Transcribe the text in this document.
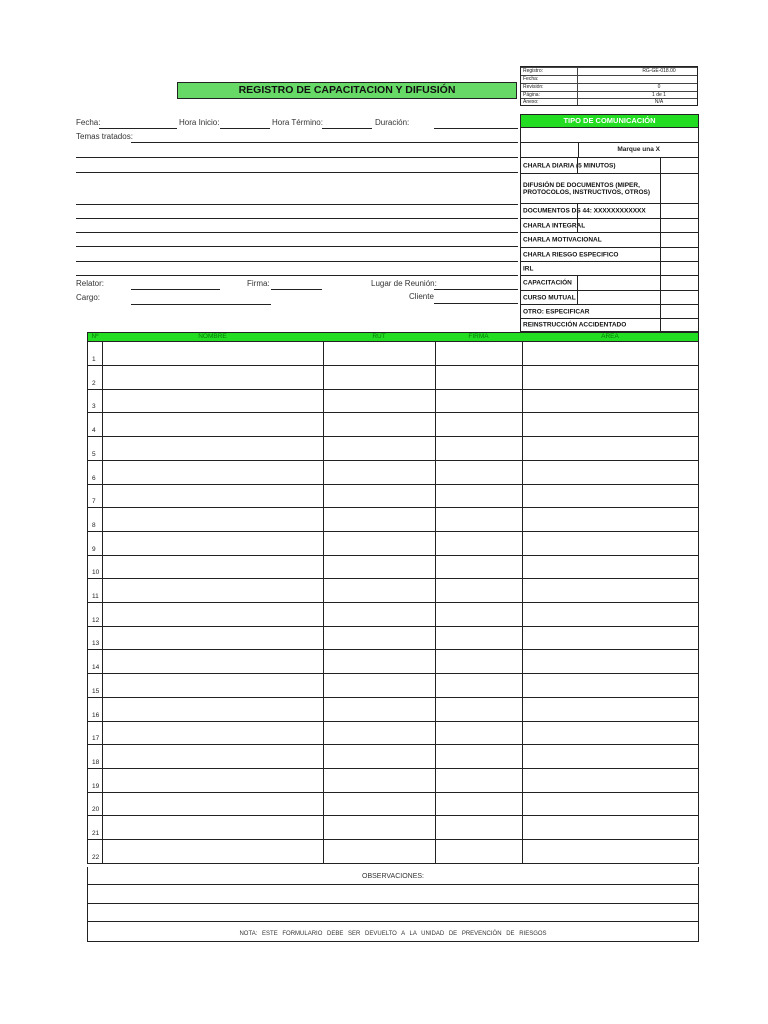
Registro:	RG-GE-018.00
Fecha:
Revisión:	0
Página:	1 de 1
Anexo:	N/A
REGISTRO DE CAPACITACION Y DIFUSIÓN
Fecha:	Hora Inicio:	Hora Término:	Duración:
Temas tratados:
Relator:	Firma:	Lugar de Reunión:
Cargo:	Cliente
TIPO DE COMUNICACIÓN
Marque una X
CHARLA DIARIA (5 MINUTOS)
DIFUSIÓN DE DOCUMENTOS (MIPER, PROTOCOLOS, INSTRUCTIVOS, OTROS)
DOCUMENTOS DS 44: XXXXXXXXXXXX
CHARLA INTEGRAL
CHARLA MOTIVACIONAL
CHARLA RIESGO ESPECIFICO
IRL
CAPACITACIÓN
CURSO MUTUAL
OTRO: ESPECIFICAR
REINSTRUCCIÓN ACCIDENTADO
Nº	NOMBRE	RUT	FIRMA	AREA
1
2
3
4
5
6
7
8
9
10
11
12
13
14
15
16
17
18
19
20
21
22
OBSERVACIONES:
NOTA: ESTE FORMULARIO DEBE SER DEVUELTO A LA UNIDAD DE PREVENCIÓN DE RIESGOS
